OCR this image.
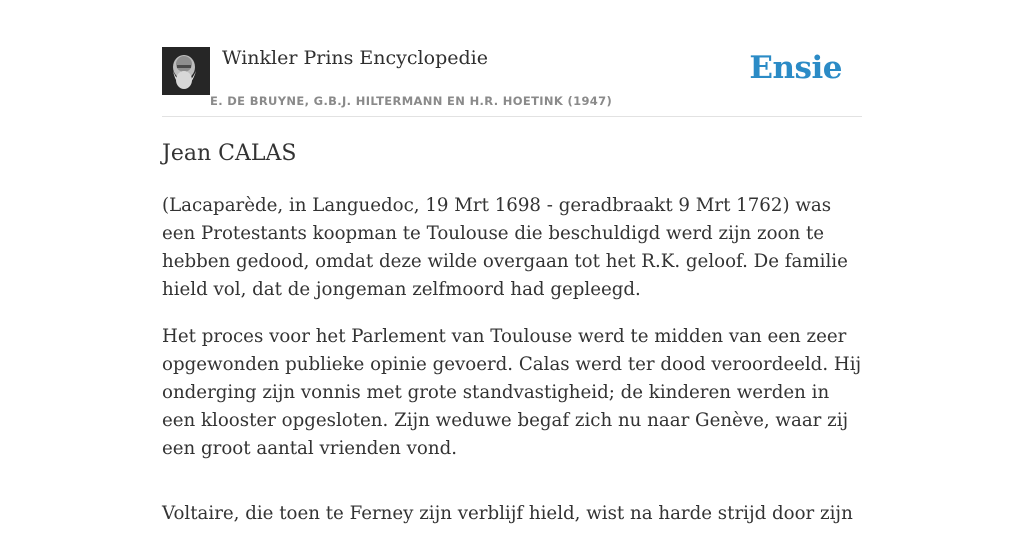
Winkler Prins Encyclopedie
E. DE BRUYNE, G.B.J. HILTERMANN EN H.R. HOETINK (1947)
Ensie
Jean CALAS

(Lacaparède, in Languedoc, 19 Mrt 1698 - geradbraakt 9 Mrt 1762) was een Protestants koopman te Toulouse die beschuldigd werd zijn zoon te hebben gedood, omdat deze wilde overgaan tot het R.K. geloof. De familie hield vol, dat de jongeman zelfmoord had gepleegd.

Het proces voor het Parlement van Toulouse werd te midden van een zeer opgewonden publieke opinie gevoerd. Calas werd ter dood veroordeeld. Hij onderging zijn vonnis met grote standvastigheid; de kinderen werden in een klooster opgesloten. Zijn weduwe begaf zich nu naar Genève, waar zij een groot aantal vrienden vond.

Voltaire, die toen te Ferney zijn verblijf hield, wist na harde strijd door zijn
